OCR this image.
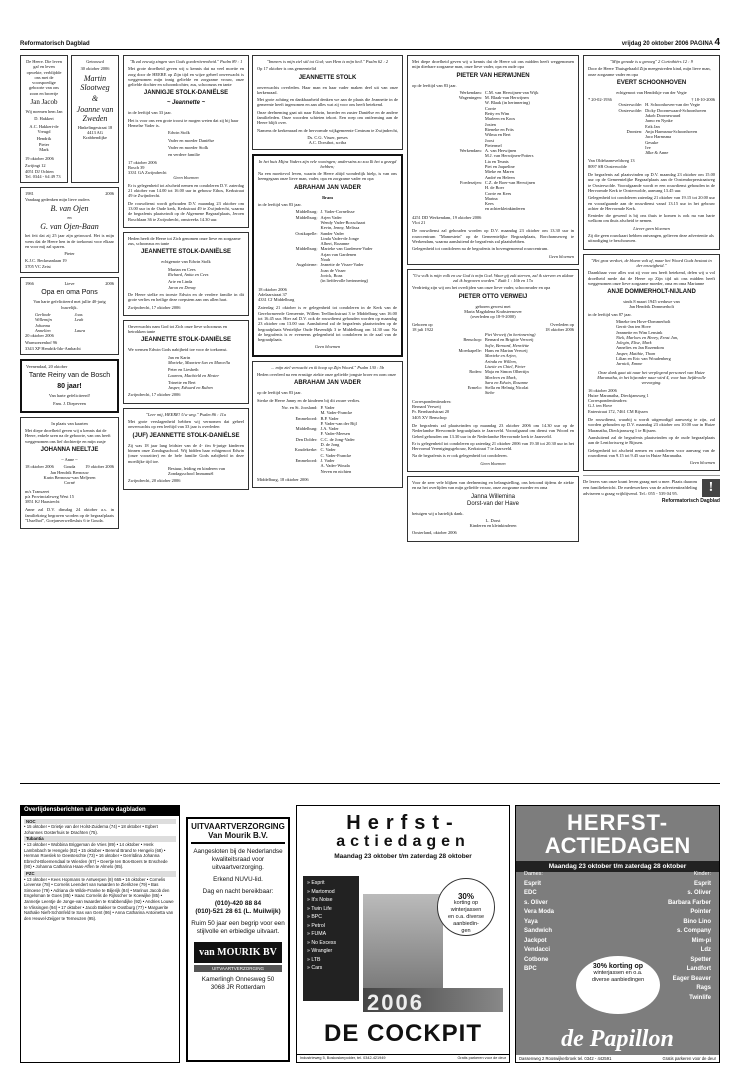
Reformatorisch Dagblad	vrijdag 20 oktober 2006 PAGINA 4

De Heere. Die leven gaf en leven opwekte, verblijdde ons met de voorspoedige geboorte van ons zoon en broertje

Jan Jacob

Wij noemen hem Jan

D. Hakkert

A.C. Hakkert-de Vreugd

Hendrik
Pieter
Mark

19 oktober 2006

Zwijingt 12
4051 DJ Ochten
Tel. 0344 - 64 49 73

Getrouwd

30 oktober 2006

Martin Slootweg
&
Joanne van Zweden
Hinkelingestraat 18
4413 AG
Krabbendijke
1981	2006

Vandaag gedenken mijn lieve ouders

B. van Ojen
en
G. van Ojen-Baan

het feit dat zij 25 jaar zijn getrouwd. Het is mijn wens dat de Heere hen in de toekomst voor elkaar en voor mij zal sparen.

Pieter

K.J.C. Beckmanlaan 19
3705 VC Zeist
1966	Lieve	2006
Opa en oma Pons

Van harte gefeliciteerd met jullie 40-jarig huwelijk.

Gerlinde	Joas
Willemijn	Leah
Johanna
Annelien	Laura

20 oktober 2006

Warmoezenhof 96
3343 XP Hendrik-Ido-Ambacht

Veenendaal, 20 oktober

Tante Reiny van de Bosch
80 jaar!

Van harte gefeliciteerd!

Fam. J. Diepeveen

In plaats van kaarten

Met diepe droefheid geven wij u kennis dat de Heere, enkele uren na de geboorte, van ons heeft weggenomen ons lief dochtertje en mijn zusje

JOHANNA NEELTJE

~ Anne ~

18 oktober 2006 Gouda 19 oktober 2006
Jan Hendrik Bernouw
Karin Bernouw-van Meljeren
Corné
m/s Transzeet
p/a Provincialeweg West 15
3851 KJ Haastrecht

Anne zal D.V. dinsdag 24 oktober a.s. in familiekring begraven worden op de begraafplaats "IJsselhof", Goejanverwellesluis 6 te Gouda.

"Ik zal eeuwig zingen van Gods goedertierenheid." Psalm 89 : 1

Met grote droefheid geven wij u kennis dat na veel moeite en zorg door de HEERE op Zijn tijd en wijze geheel onverwacht is weggenomen mijn innig geliefde en zorgzame vrouw, onze geliefde dochter en schoondochter, zus, schoonzus en tante

JANNIGJE STOLK-DANIËLSE
~ Jeannette ~

in de leeftijd van 33 jaar.

Het is voor ons een grote troost te mogen weten dat zij bij haar Hemelse Vader is.

Edwin Stolk

Vader en moeder Daniëlse

Vader en moeder Stolk

en verdere familie

17 oktober 2006
Bosch 39
3331 GA Zwijndrecht

Geen bloemen

Er is gelegenheid tot afscheid nemen en condoleren D.V. zaterdag 21 oktober van 14.00 tot 16.00 uur in gebouw Ethos, Kerkstraat 49 te Zwijndrecht.

De rouwdienst wordt gehouden D.V. maandag 23 oktober om 13.00 uur in de Oude kerk, Kerkstraat 49 te Zwijndrecht, waarna de begrafenis plaatsvindt op de Algemene Begraafplaats, Jeroen Boschlaan 36 te Zwijndrecht, omstreeks 14.30 uur.

Heden heeft de Heere tot Zich genomen onze lieve en zorgzame zus, schoonzus en tante

JEANNETTE STOLK-DANIËLSE

echtgenote van Edwin Stolk

Marian en Cees
Richard, Anita en Cees
Arie en Linda
Jaron en Denay

De Heere stelke en troeste Edwin en de verdere familie in dit grote verlies en heilige deze roepstem aan ons allen hart.

Zwijndrecht, 17 oktober 2006

Onverwachts nam God tot Zich onze lieve schoonzus en betrokken tante

JEANNETTE STOLK-DANIËLSE

We wensen Edwin Gods nabijheid toe voor de toekomst.

Jan en Karin
Marieke, Maarten-Jan en Marcella
Peter en Liesbeth
Laurens, Machteld en Hester
Trinette en Bert
Jasper, Edward en Ruben

Zwijndrecht, 17 oktober 2006

"Leer mij, HEERE! Uw weg." Psalm 86 : 11a

Met grote verslagenheid hebben wij vernomen dat geheel onverwachts op een leeftijd van 33 jaar is overleden

(JUF) JEANNETTE STOLK-DANIËLSE

Zij was 18 jaar lang leidster van de 4- t/m 6-jarige kinderen binnen onze Zondagsschool. Wij bidden haar echtgenoot Edwin (onze voorzitter) en de hele familie Gods nabijheid in deze moeilijke tijd toe.

Bestuur, leiding en kinderen van
Zondagsschool Immanuël

Zwijndrecht, 20 oktober 2006

"Immers is mijn ziel stil tot God; van Hem is mijn heil." Psalm 62 : 2

Op 17 oktober is ons gemeentelid

JEANNETTE STOLK

onverwachts overleden. Haar man en haar vader maken deel uit van onze kerkenraad.

Met grote achting en dankbaarheid denken we aan de plaats die Jeannette in de gemeente heeft ingenomen en aan alles wat zij voor ons heeft betekend.

Onze deelneming gaat uit naar Edwin, broeder en zuster Daniëlse en de andere familieleden. Onze woorden schieten tekort. Een roep om ontferming aan de Heere blijft over.

Namens de kerkenraad en de hervormde wijkgemeente Centrum te Zwijndrecht,

Ds. C.G. Visser, preses
A.C. Dorsthot, scriba

In het huis Mijns Vaders zijn vele woningen; anderszins zo zou Ik het u gezegd hebben;

Na een moeitevol leven, waarin de Heere altijd wonderlijk hielp, is van ons heengegaan onze lieve man, vader, opa en zorgzame vader en opa

ABRAHAM JAN VADER

Bram

in de leeftijd van 83 jaar.

Middelburg: J. Vader-Cornelisse
Middelburg: Arjen Vader
Wendy Vader-Boxschaart
Kevin, Jenny, Melissa
Oostkapelle: Sander Vader
Linda Vader-de Jonge
Albert, Rozanne
Middelburg: Marieke van Gardenen-Vader
Arjan van Gardenen
Noah
Augsbierne: Jeanette de Visser-Vader
Joan de Visser
Jorick, Boaz
(in liefdevolle herinnering)
18 oktober 2006
Adelaarstraat 37
4331 CJ Middelburg

Zaterdag 21 oktober is er gelegenheid tot condoleren in de Kerk van de Gereformeerde Gemeente, Willem Teellinckstraat 3 te Middelburg van 16.00 tot 16.45 uur. Hier zal D.V. ook de rouwdienst gehouden worden op maandag 23 oktober om 13.00 uur. Aansluitend zal de begrafenis plaatsvinden op de begraafplaats Westelijke Oude Havendijk 3 te Middelburg om 14.30 uur. Na de begrafenis is er eveneens gelegenheid tot condoleren in de zaal van de begraafplaats.

Geen bloemen

... mijn ziel verwacht en ik hoop op Zijn Woord." Psalm 130 : 5b

Heden overleed na een ernstige ziekte onze geliefde jongste broer en oom onze

ABRAHAM JAN VADER

op de leeftijd van 83 jaar.

Sterke de Heere Janny en de kinderen bij dit zware verlies.

Nw. en St. Joosland: P. Vader
M. Vader-Francke
Emmeloord: B.P. Vader
P. Vader-van der Bijl
Middelburg: J.A. Vader
F. Vader-Meesen
Den Dolder: C.C. de Jong-Vader
D. de Jong
Koudekerke: C. Vader
C. Vader-Francke
Emmeloord: J. Vader
A. Vader-Wouda
Neven en nichten

Middelburg, 18 oktober 2006

Met diepe droefheid geven wij u kennis dat de Heere uit ons midden heeft weggenomen mijn dierbare zorgzame man, onze lieve vader, opa en oude opa

PIETER VAN HERWIJNEN

op de leeftijd van 83 jaar.

Werkendam: C.M. van Herwijnen-van Wijk
Wageningen: M. Blaak-van Herwijnen
W. Blaak (in herinnering)
Corrie
Betty en Wim
Marleen en Koos
Josien
Rieneke en Frits
Wilma en Bert
Joost
Pietermel
Werkendam: A. van Herwijnen
M.J. van Herwijnen-Potters
Lia en Teunis
Piet en Jaqueline
Mieke en Maren
André en Heleen
Foederzijen: C.Z. de Boer-van Herwijnen
H. de Boer
Corrie en Kees
Marina
Kees
en achterkleinkinderen
4251 DD Werkendam, 19 oktober 2006
Vlot 21

De rouwdienst zal gehouden worden op D.V. maandag 23 oktober om 13.30 uur in rouwcentrum "Mamestein" op de Gemeentelijke Begraafplaats, Borchamseweg te Werkendam, waarna aansluitend de begrafenis zal plaatshebben.

Gelegenheid tot condoleren na de begrafenis in bovengenoemd rouwcentrum.

Geen bloemen

"Uw volk is mijn volk en uw God is mijn God. Waar gij zult sterven, zal ik sterven en aldaar zal ik begraven worden." Ruth 1 : 16b en 17a

Verdrietig zijn wij om het overlijden van onze lieve vader, schoonvader en opa

PIETER OTTO VERWEIJ
geboren gewest met
Maria Magdalena Krabsteenover
(overleden op 18-9-2000)
Geboren op	Overleden op
18 juli 1922	18 oktober 2006
Piet Verweij (in herinnering)
Benschop: Bernard en Brigitte Verweij
Sofie, Bernard, Henriëtte
Moerkapelle: Hans en Marian Verweij
Marieke en Arjen,
Arinda en Willem,
Lisette en Chiel, Pieter
Roden: Maja en Simon Olbertijn
Marleen en Mark,
Sara en Edwin, Rosanne
Ermelo: Stella en Helmig Nicolai
Siebe
Correspondentieadres:
Bernard Verweij
Pr. Bernhardstraat 20
3405 XV Benschop

De begrafenis zal plaatsvinden op maandag 23 oktober 2006 om 14.30 uur op de Nederlandse Hervormde begraafplaats te Jaarsveld. Voorafgaand om dienst van Woord en Gebed gehouden om 13.30 uur in de Nederlandse Hervormde kerk te Jaarsveld.

Er is gelegenheid tot condoleren op zaterdag 21 oktober 2006 van 19.30 tot 20.30 uur in het Hervormd Verenigingsgebouw, Kerkstraat 7 te Jaarsveld.

Na de begrafenis is er ook gelegenheid tot condoleren.

Geen bloemen

Voor de zeer vele blijken van deelneming en belangstelling, ons betoond tijdens de ziekte en na het overlijden van mijn geliefde vrouw, onze zorgzame moeder en oma

Janna Willemina
Dorst-van der Have

betuigen wij u hartelijk dank.

L. Dorst
Kinderen en kleinkinderen

Oosterland, oktober 2006

"Mijn genade is u genoeg" 2 Corinthiërs 12 : 9

Door de Heere Thuisgehaald Zijn meegestreden kind, mijn lieve man, onze zorgzame vader en opa

EVERT SCHOONHOVEN

echtgenoot van Hendrikje van der Vegte

* 20-02-1936	† 18-10-2006
Oosterwolde: H. Schoonhoven-van der Vegte
Oosterwolde: Dicky Doornewaard-Schoonhoven
Jakob Doornewaard
Jarno en Nynke
Erik Jan
Dronten: Anja Harmsma-Schoonhoven
Jaco Harmsma
Gesuke
Ive
Jilke & Anne
Van Oldebarneveldweg 13
8097 SB Oosterwolde

De begrafenis zal plaatsvinden op D.V. maandag 23 oktober om 15.00 uur op de Gemeentelijke Begraafplaats aan de Oostendorperstraatweg te Oosterwolde. Voorafgaande wordt er een rouwdienst gehouden in de Hervormde Kerk te Oosterwolde, aanvang 13.45 uur.

Gelegenheid tot condoleren zaterdag 21 oktober van 19.15 tot 20.00 uur en voorafgaande aan de rouwdienst vanaf 13.15 uur in het gebouw achter de Hervormde Kerk.

Eenieder die gewend is bij ons thuis te komen is ook nu van harte welkom om thuis afscheid te nemen.

Liever geen bloemen

Zij die geen rouwkaart hebben ontvangen, gelieven deze advertentie als uitnodiging te beschouwen.

"Het gras verdort, de bloem valt af, maar het Woord Gods bestaat in der eeuwigheid."

Daankbaar voor alles wat zij voor ons heeft betekend, delen wij u vol droefheid mede dat de Heere op Zijn tijd uit ons midden heeft weggenomen onze lieve zorgzame moeder, oma en oma Marianne

ANJE DOMMERHOLT-NIJLAND
sinds 8 maart 1945 weduwe van
Jan Hendrik Dommerholt

in de leeftijd van 87 jaar.

Mineke ten Hove-Dommerholt
Gerrit-Jan ten Hove
Jeannette en Wim Lensink
Niek, Marloes en Henry, Ernst Jan,
Jolegin, Elise, Mark
Annelies en Jan Rozendom
Jasper, Matthie, Thom
Lilian en Eric van Woudenberg
Jarnick, Emme

Onze dank gaat uit naar het verplegend personeel van Huize Maranatha, in het bijzonder naar wird 4, voor hun liefdevolle verzorging.

16 oktober 2006
Huize Maranatha, Dieckjansweg 1
Correspondentieadres:
G.J. ten Hove
Enterstraat 172, 7461 CM Rijssen

De rouwdienst, waarbij u wordt uitgenodigd aanwezig te zijn, zal worden gehouden op D.V. maandag 23 oktober om 10.00 uur in Huize Maranatha, Dieckjansweg 1 te Rijssen.

Aansluitend zal de begrafenis plaatsvinden op de oude begraafplaats aan de Lentfortsweg te Rijssen.

Gelegenheid tot afscheid nemen en condoleren voor aanvang van de rouwdienst van 9.15 tot 9.45 uur in Huize Maranatha.

Geen bloemen

De lezers van onze krant leven graag met u mee. Plaats daarom een familiebericht. De medewerkers van de advertentieafdeling adviseren u graag vrijblijvend. Tel.: 055 - 539 04 95.	!
Reformatorisch Dagblad
Overlijdensberichten uit andere dagbladen
NOC
• 15 oktober • Grietje van der Holst-Zuidema (74) • 18 oktober • Egbert Johannes Oosterhuis te Drachten (75).
Tubantia
• 13 oktober • Wobbina Briggeman de Vries (89) • 14 oktober • Henk Lambnbach te Hengelo (82) • 15 oktober • Berend Brand te Hengelo (68) • Herman Roeslek te Geesteschte (73) • 16 oktober • Gerritdina Johanna Ebrecht-Bloemendaal te Wierden (67) • Geertje ten Bos-Boers te Enschede (90) • Johanna Catharina Haas-Affen te Almelo (85).
PZC
• 13 oktober • Kees Hopmans te Antwerpen (8) 665 • 16 oktober • Cornelis Lievense (78) • Cornelis Leendert van Iwaarden te Zierikzee (79) • Bas Simoese (79) • Adriana de Wilde-Franke te Biljerijk (84) • Marinus Jacob den Engelsman te Goes (85) • Isaac Cornelis de Rijlsscher te Koewijke (85) • Jannetje Leentje de Jonge-van Iwaarden te Krabbendijke (92) • Andries Louwe te Vlissingen (94) • 17 oktober • Jacob Bakker te Oostburg (77) • Marguerite Nathalie Nieft-Schönfeld te Sas van Gent (86) • Anna Catharina Antoinetta van den Heuvel-Zeijger te Terneuzen (95).
UITVAARTVERZORGING
Van Mourik B.V.
Aangesloten bij de Nederlandse kwaliteitsraad voor uitvaartverzorging.
Erkend NUVU-lid.
Dag en nacht bereikbaar:
(010)-420 88 84
(010)-521 28 61 (L. Muilwijk)
Ruim 50 jaar een begrip voor een stijlvolle en erbiedige uitvaart.
van MOURIK BV
UITVAARTVERZORGING
Kamerlingh Onnesweg 50
3068 JR Rotterdam
Herfst-
actiedagen
Maandag 23 oktober t/m zaterdag 28 oktober
» Esprit
» Martomod
» It's Noise
» Twin Life
» BPC
» Petrol
» FUMA
» No Excess
» Wrangler
» LTB
» Cars
30%
korting op
winterjassen
en o.a. diverse
aanbiedin-
gen
2006
DE COCKPIT
Industrieweg 5, Boskoskerpolder, tel. 0342-421949	Gratis parkeren voor de deur
HERFST-
ACTIEDAGEN
Maandag 23 oktober t/m zaterdag 28 oktober
Dames:
Esprit
EDC
s. Oliver
Vera Moda
Yaya
Sandwich
Jackpot
Vendacci
Cotbone
BPC
Kinder:
Esprit
s. Oliver
Barbara Farber
Pointer
Bino Lino
s. Company
Mim-pi
Ldz
Spetter
Landfort
Eager Beaver
Rags
Twinlife
30% korting op
winterjassen en o.a.
diverse aanbiedingen
de Papillon
Dassenweg 2 Rooswijkerbroek tel. 0342 - 442591	Gratis parkeren voor de deur
